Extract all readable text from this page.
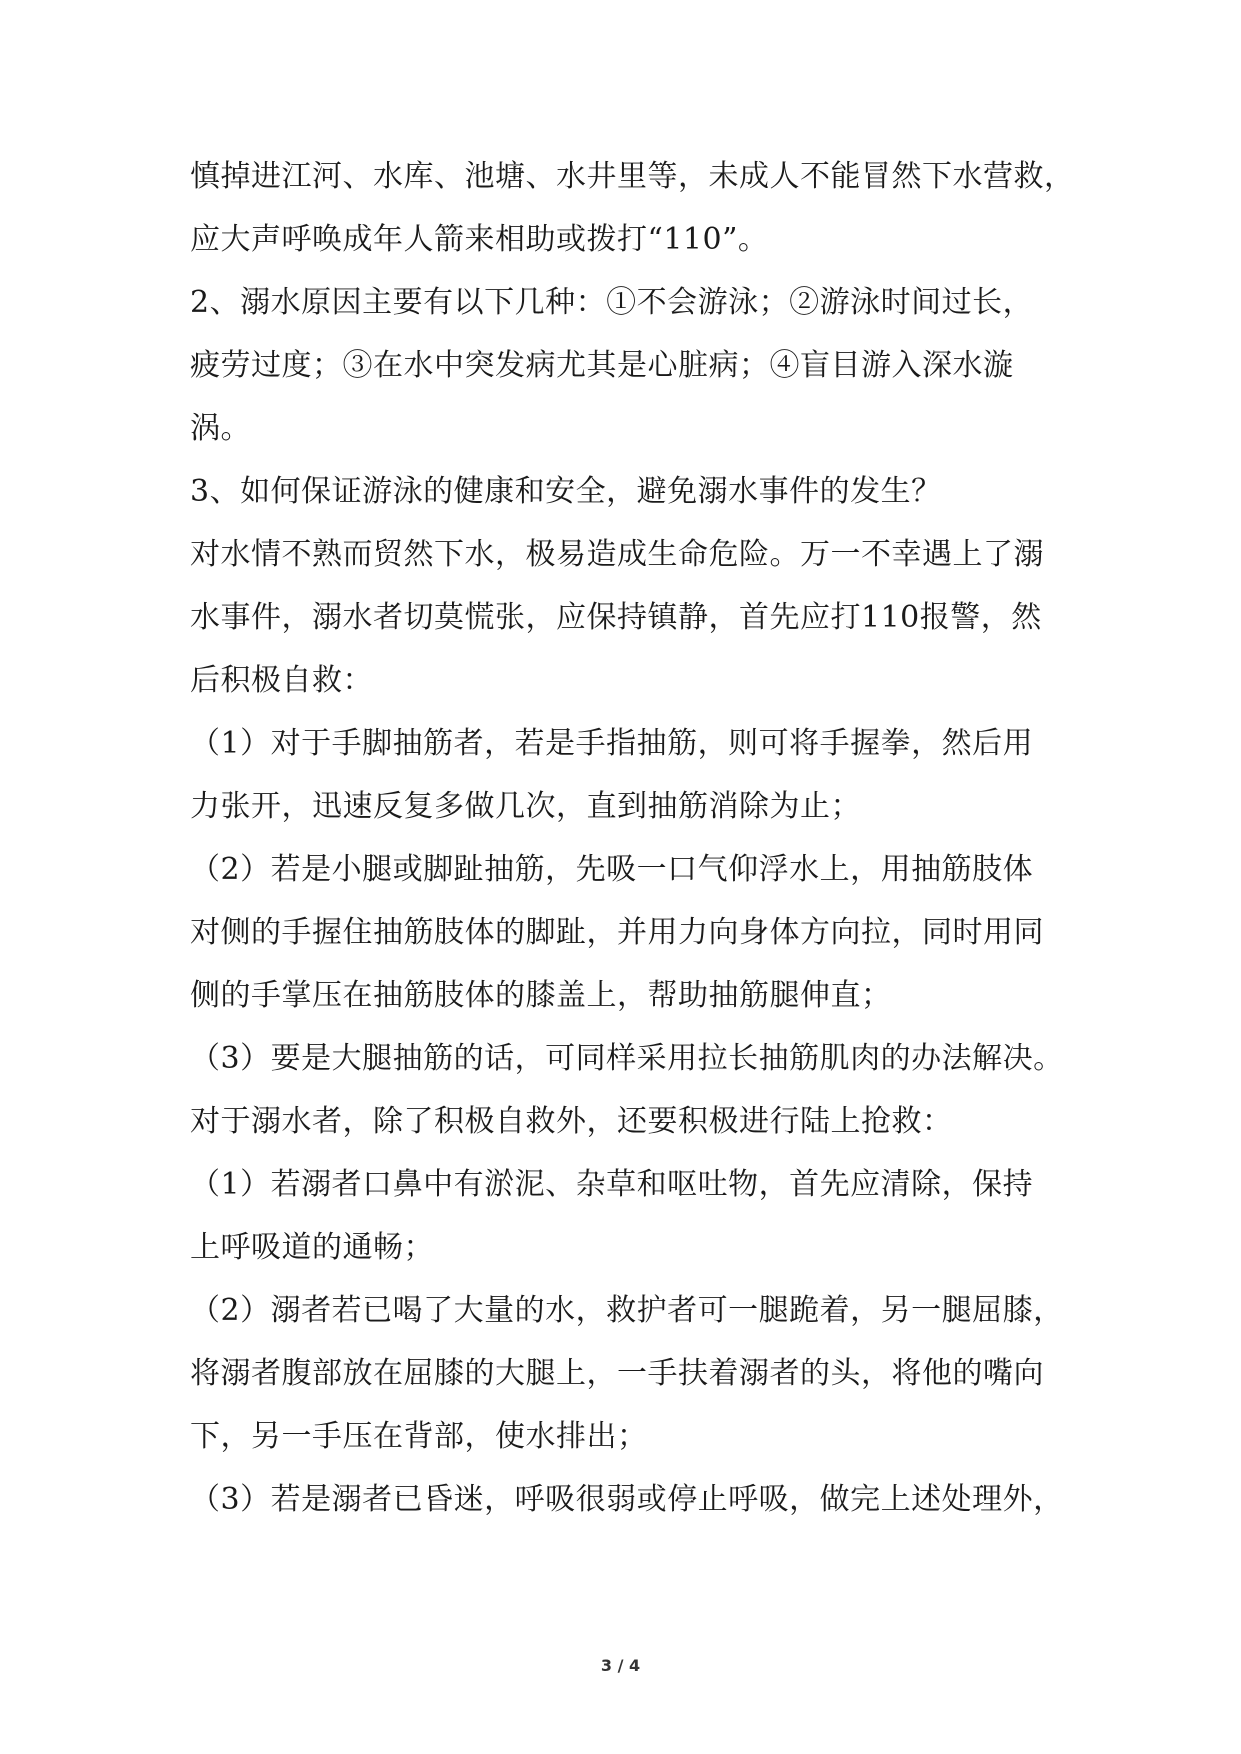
慎掉进江河、水库、池塘、水井里等，未成人不能冒然下水营救，
应大声呼唤成年人箭来相助或拨打“110”。
2、溺水原因主要有以下几种：①不会游泳；②游泳时间过长，
疲劳过度；③在水中突发病尤其是心脏病；④盲目游入深水漩
涡。
3、如何保证游泳的健康和安全，避免溺水事件的发生？
对水情不熟而贸然下水，极易造成生命危险。万一不幸遇上了溺
水事件，溺水者切莫慌张，应保持镇静，首先应打110报警，然
后积极自救：
（1）对于手脚抽筋者，若是手指抽筋，则可将手握拳，然后用
力张开，迅速反复多做几次，直到抽筋消除为止；
（2）若是小腿或脚趾抽筋，先吸一口气仰浮水上，用抽筋肢体
对侧的手握住抽筋肢体的脚趾，并用力向身体方向拉，同时用同
侧的手掌压在抽筋肢体的膝盖上，帮助抽筋腿伸直；
（3）要是大腿抽筋的话，可同样采用拉长抽筋肌肉的办法解决。
对于溺水者，除了积极自救外，还要积极进行陆上抢救：
（1）若溺者口鼻中有淤泥、杂草和呕吐物，首先应清除，保持
上呼吸道的通畅；
（2）溺者若已喝了大量的水，救护者可一腿跪着，另一腿屈膝，
将溺者腹部放在屈膝的大腿上，一手扶着溺者的头，将他的嘴向
下，另一手压在背部，使水排出；
（3）若是溺者已昏迷，呼吸很弱或停止呼吸，做完上述处理外，
3 / 4
